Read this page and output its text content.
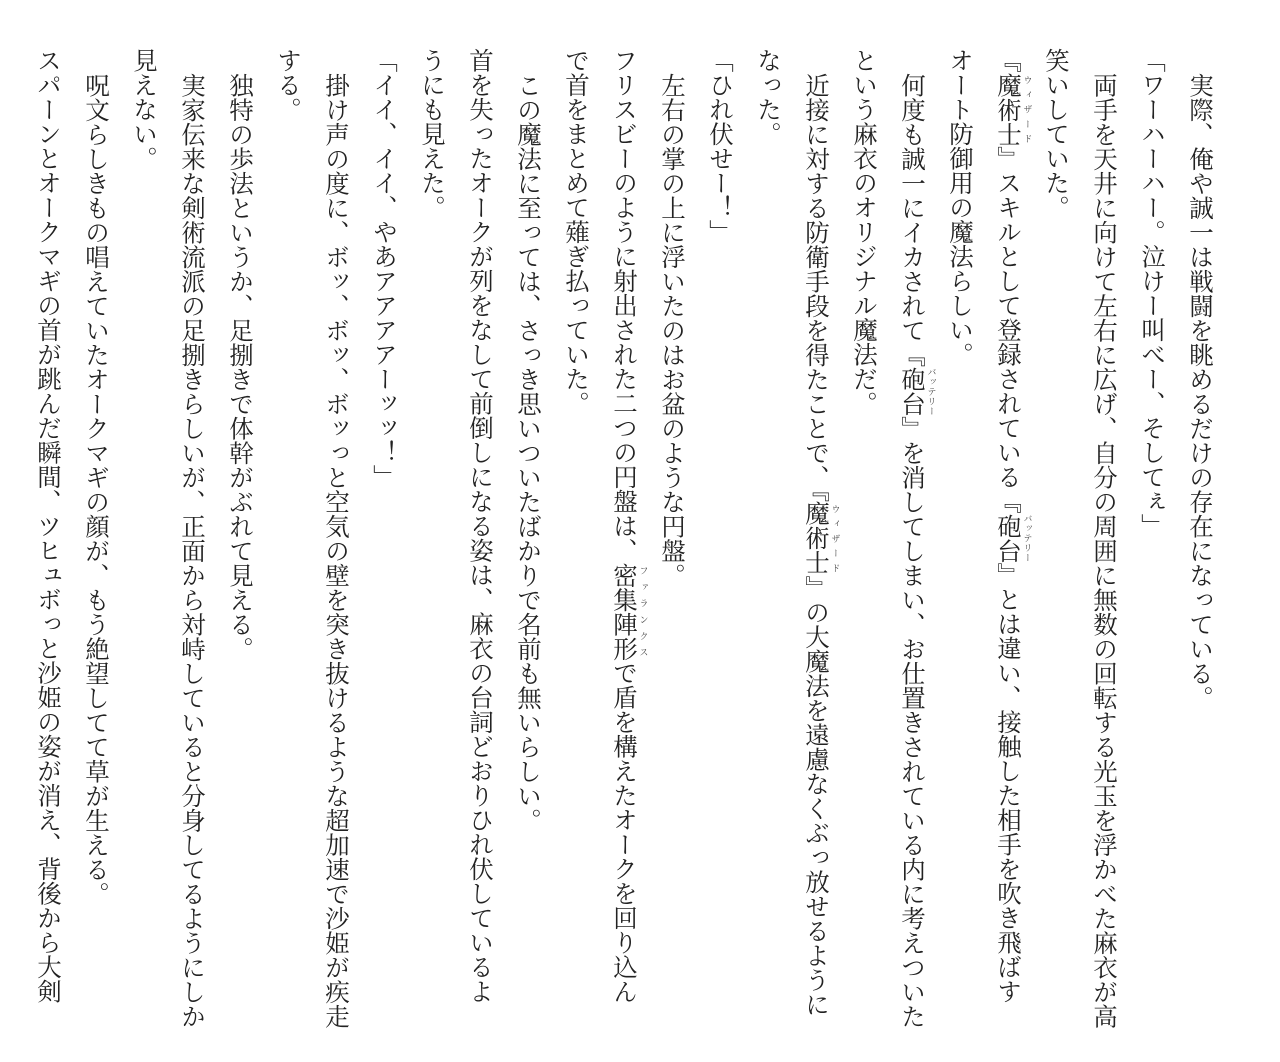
実際、俺や誠一は戦闘を眺めるだけの存在になっている。
「ワーハーハー。泣けー叫べー、そしてぇ」
両手を天井に向けて左右に広げ、自分の周囲に無数の回転する光玉を浮かべた麻衣が高
笑いしていた。
『魔術士ウィザード』スキルとして登録されている『砲台バッテリー』とは違い、接触した相手を吹き飛ばす
オート防御用の魔法らしい。
何度も誠一にイカされて『砲台バッテリー』を消してしまい、お仕置きされている内に考えついた
という麻衣のオリジナル魔法だ。
近接に対する防衛手段を得たことで、『魔術士ウィザード』の大魔法を遠慮なくぶっ放せるように
なった。
「ひれ伏せー！」
左右の掌の上に浮いたのはお盆のような円盤。
フリスビーのように射出された二つの円盤は、密集陣形ファランクスで盾を構えたオークを回り込ん
で首をまとめて薙ぎ払っていた。
この魔法に至っては、さっき思いついたばかりで名前も無いらしい。
首を失ったオークが列をなして前倒しになる姿は、麻衣の台詞どおりひれ伏しているよ
うにも見えた。
「イイ、イイ、やあアアアアーッッ！」
掛け声の度に、ボッ、ボッ、ボッっと空気の壁を突き抜けるような超加速で沙姫が疾走
する。
独特の歩法というか、足捌きで体幹がぶれて見える。
実家伝来な剣術流派の足捌きらしいが、正面から対峙していると分身してるようにしか
見えない。
呪文らしきもの唱えていたオークマギの顔が、もう絶望してて草が生える。
スパーンとオークマギの首が跳んだ瞬間、ツヒュボっと沙姫の姿が消え、背後から大剣
